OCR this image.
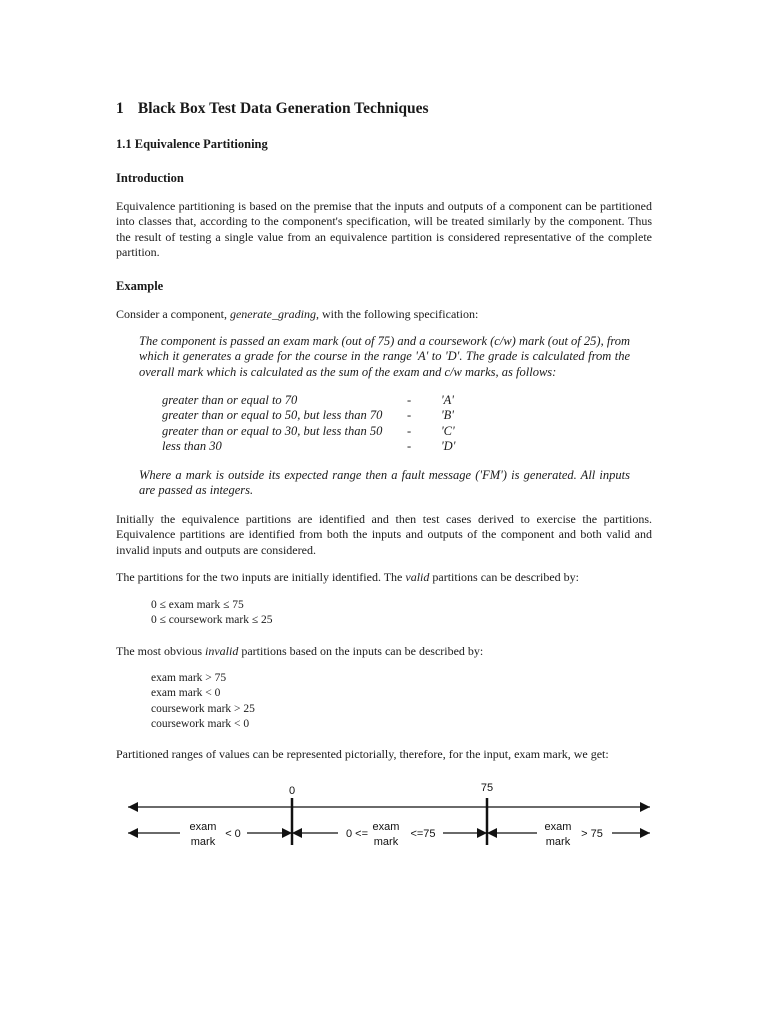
1 Black Box Test Data Generation Techniques
1.1 Equivalence Partitioning
Introduction

Equivalence partitioning is based on the premise that the inputs and outputs of a component can be partitioned into classes that, according to the component's specification, will be treated similarly by the component. Thus the result of testing a single value from an equivalence partition is considered representative of the complete partition.

Example

Consider a component, generate_grading, with the following specification:

The component is passed an exam mark (out of 75) and a coursework (c/w) mark (out of 25), from which it generates a grade for the course in the range 'A' to 'D'. The grade is calculated from the overall mark which is calculated as the sum of the exam and c/w marks, as follows:

greater than or equal to 70	- 'A'
greater than or equal to 50, but less than 70 - 'B'
greater than or equal to 30, but less than 50 - 'C'
less than 30	- 'D'

Where a mark is outside its expected range then a fault message ('FM') is generated. All inputs are passed as integers.

Initially the equivalence partitions are identified and then test cases derived to exercise the partitions. Equivalence partitions are identified from both the inputs and outputs of the component and both valid and invalid inputs and outputs are considered.

The partitions for the two inputs are initially identified. The valid partitions can be described by:

0 ≤ exam mark ≤ 75
0 ≤ coursework mark ≤ 25

The most obvious invalid partitions based on the inputs can be described by:

exam mark > 75
exam mark < 0
coursework mark > 25
coursework mark < 0

Partitioned ranges of values can be represented pictorially, therefore, for the input, exam mark, we get:

0	75
exam
mark
< 0	0 <=
exam
mark
<=75
exam
mark
> 75
